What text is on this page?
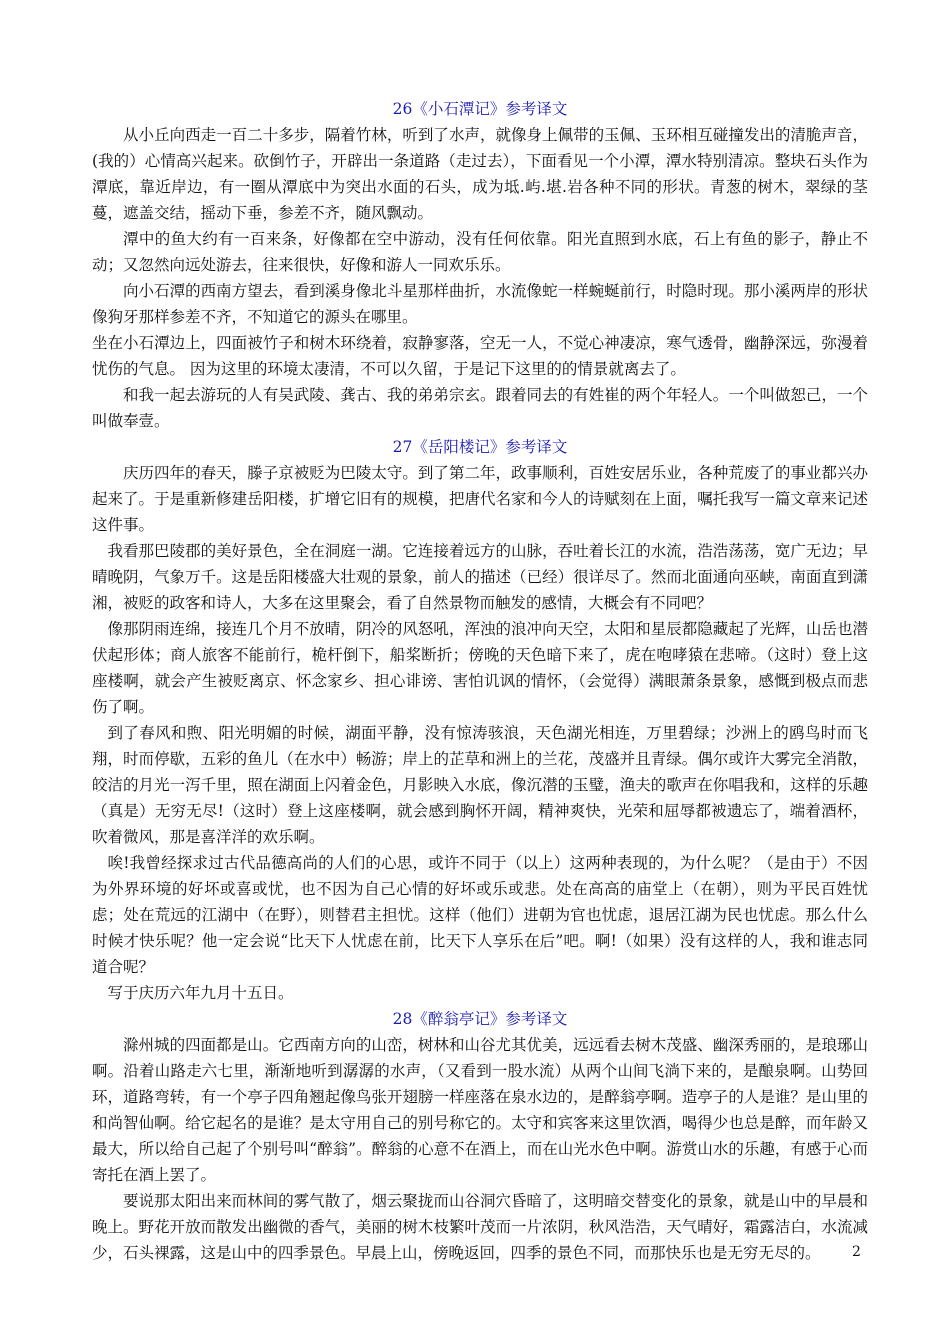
26《小石潭记》参考译文

从小丘向西走一百二十多步，隔着竹林，听到了水声，就像身上佩带的玉佩、玉环相互碰撞发出的清脆声音，(我的）心情高兴起来。砍倒竹子，开辟出一条道路（走过去），下面看见一个小潭，潭水特别清凉。整块石头作为潭底，靠近岸边，有一圈从潭底中为突出水面的石头，成为坻.屿.堪.岩各种不同的形状。青葱的树木，翠绿的茎蔓，遮盖交结，摇动下垂，参差不齐，随风飘动。

潭中的鱼大约有一百来条，好像都在空中游动，没有任何依靠。阳光直照到水底，石上有鱼的影子，静止不动；又忽然向远处游去，往来很快，好像和游人一同欢乐乐。

向小石潭的西南方望去，看到溪身像北斗星那样曲折，水流像蛇一样蜿蜒前行，时隐时现。那小溪两岸的形状像狗牙那样参差不齐，不知道它的源头在哪里。

坐在小石潭边上，四面被竹子和树木环绕着，寂静寥落，空无一人，不觉心神凄凉，寒气透骨，幽静深远，弥漫着忧伤的气息。 因为这里的环境太凄清，不可以久留，于是记下这里的的情景就离去了。

和我一起去游玩的人有吴武陵、龚古、我的弟弟宗玄。跟着同去的有姓崔的两个年轻人。一个叫做恕己，一个叫做奉壹。

27《岳阳楼记》参考译文

庆历四年的春天，滕子京被贬为巴陵太守。到了第二年，政事顺利，百姓安居乐业，各种荒废了的事业都兴办起来了。于是重新修建岳阳楼，扩增它旧有的规模，把唐代名家和今人的诗赋刻在上面，嘱托我写一篇文章来记述这件事。

我看那巴陵郡的美好景色，全在洞庭一湖。它连接着远方的山脉，吞吐着长江的水流，浩浩荡荡，宽广无边；早晴晚阴，气象万千。这是岳阳楼盛大壮观的景象，前人的描述（已经）很详尽了。然而北面通向巫峡，南面直到潇湘，被贬的政客和诗人，大多在这里聚会，看了自然景物而触发的感情，大概会有不同吧？

像那阴雨连绵，接连几个月不放晴，阴冷的风怒吼，浑浊的浪冲向天空，太阳和星辰都隐藏起了光辉，山岳也潜伏起形体；商人旅客不能前行，桅杆倒下，船桨断折；傍晚的天色暗下来了，虎在咆哮猿在悲啼。（这时）登上这座楼啊，就会产生被贬离京、怀念家乡、担心诽谤、害怕讥讽的情怀，（会觉得）满眼萧条景象，感慨到极点而悲伤了啊。

到了春风和煦、阳光明媚的时候，湖面平静，没有惊涛骇浪，天色湖光相连，万里碧绿；沙洲上的鸥鸟时而飞翔，时而停歇，五彩的鱼儿（在水中）畅游；岸上的芷草和洲上的兰花，茂盛并且青绿。偶尔或许大雾完全消散，皎洁的月光一泻千里，照在湖面上闪着金色，月影映入水底，像沉潜的玉璧，渔夫的歌声在你唱我和，这样的乐趣（真是）无穷无尽!（这时）登上这座楼啊，就会感到胸怀开阔，精神爽快，光荣和屈辱都被遗忘了，端着酒杯，吹着微风，那是喜洋洋的欢乐啊。

唉!我曾经探求过古代品德高尚的人们的心思，或许不同于（以上）这两种表现的，为什么呢？（是由于）不因为外界环境的好坏或喜或忧，也不因为自己心情的好坏或乐或悲。处在高高的庙堂上（在朝），则为平民百姓忧虑；处在荒远的江湖中（在野），则替君主担忧。这样（他们）进朝为官也忧虑，退居江湖为民也忧虑。那么什么时候才快乐呢？他一定会说“比天下人忧虑在前，比天下人享乐在后”吧。啊!（如果）没有这样的人，我和谁志同道合呢？

写于庆历六年九月十五日。

28《醉翁亭记》参考译文

滁州城的四面都是山。它西南方向的山峦，树林和山谷尤其优美，远远看去树木茂盛、幽深秀丽的，是琅琊山啊。沿着山路走六七里，渐渐地听到潺潺的水声，（又看到一股水流）从两个山间飞淌下来的，是酿泉啊。山势回环，道路弯转，有一个亭子四角翘起像鸟张开翅膀一样座落在泉水边的，是醉翁亭啊。造亭子的人是谁？是山里的和尚智仙啊。给它起名的是谁？是太守用自己的别号称它的。太守和宾客来这里饮酒，喝得少也总是醉，而年龄又最大，所以给自己起了个别号叫“醉翁”。醉翁的心意不在酒上，而在山光水色中啊。游赏山水的乐趣，有感于心而寄托在酒上罢了。

要说那太阳出来而林间的雾气散了，烟云聚拢而山谷洞穴昏暗了，这明暗交替变化的景象，就是山中的早晨和晚上。野花开放而散发出幽微的香气，美丽的树木枝繁叶茂而一片浓阴，秋风浩浩，天气晴好，霜露洁白，水流减少，石头裸露，这是山中的四季景色。早晨上山，傍晚返回，四季的景色不同，而那快乐也是无穷无尽的。	2
